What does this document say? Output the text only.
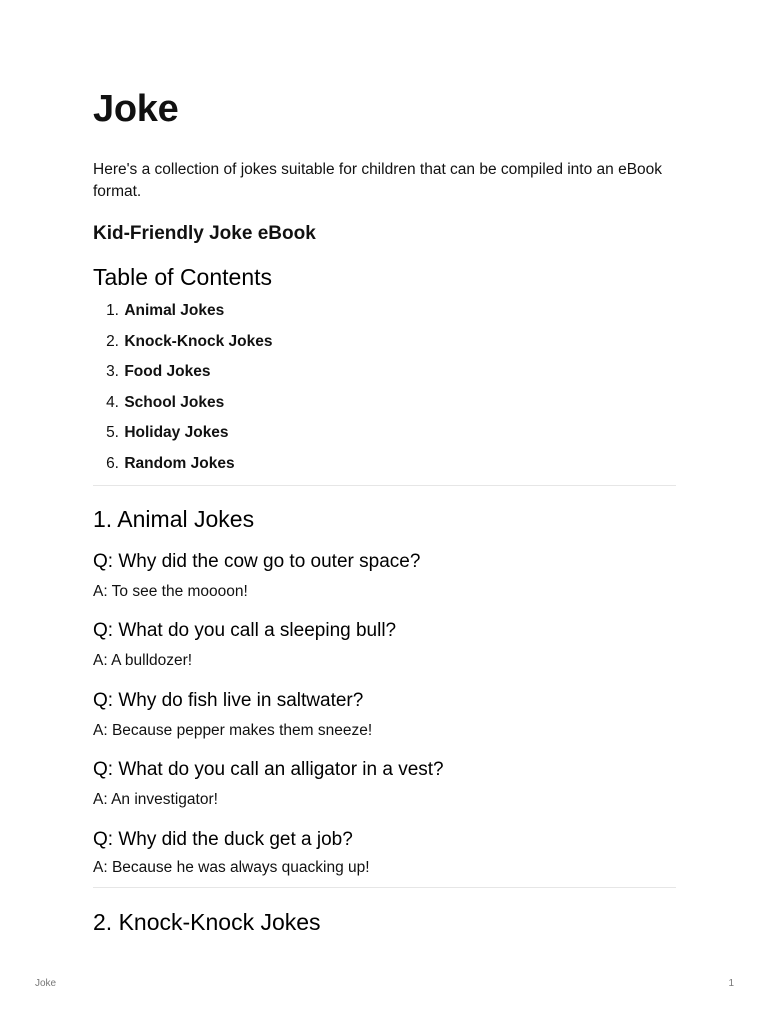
Joke

Here's a collection of jokes suitable for children that can be compiled into an eBook format.

Kid-Friendly Joke eBook
Table of Contents
1. Animal Jokes
2. Knock-Knock Jokes
3. Food Jokes
4. School Jokes
5. Holiday Jokes
6. Random Jokes
1. Animal Jokes
Q: Why did the cow go to outer space?

A: To see the moooon!

Q: What do you call a sleeping bull?

A: A bulldozer!

Q: Why do fish live in saltwater?

A: Because pepper makes them sneeze!

Q: What do you call an alligator in a vest?

A: An investigator!

Q: Why did the duck get a job?

A: Because he was always quacking up!

2. Knock-Knock Jokes
Joke	1
